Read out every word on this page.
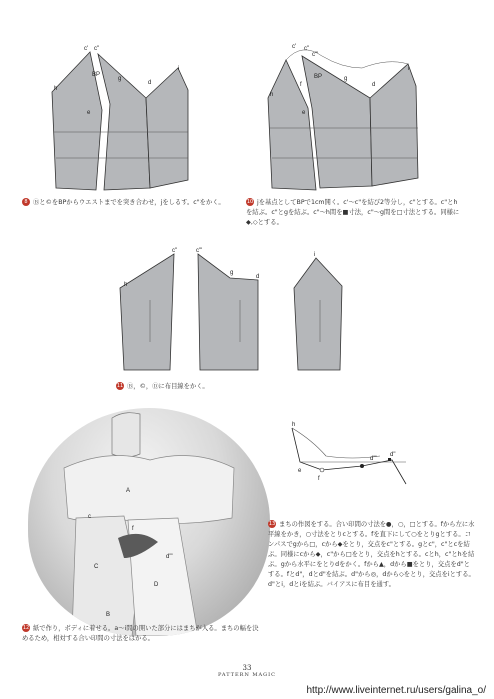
c' c"
h
BP
g
d
i
e
c' c"
c"'
h
f
BP
e
g
d
i
8 Ⓑと©をBPからウエストまでを突き合わせ，jをしるす。c"をかく。	10 jを基点としてBPで1cm開く。c'〜c"を結び2等分し，c"とする。c"とhを結ぶ。c"とgを結ぶ。c"〜h間を■寸法，c"〜g間を□寸法とする。同様に◆,◇とする。
c"
h
c"'
g
d
i
11 Ⓑ，©，Ⓓに布目線をかく。
A
c
f
d"'
C
D
B
h
d"'
d"
e
f
13 まちの作図をする。合い印間の寸法を●，○，□とする。fから左に水平線をかき，○寸法をとりcとする。fを直下にして○をとりgとする。コンパスでgから□，cから◆をとり，交点をc"とする。gとc"，c"とcを結ぶ。同様にcから◆，c"から□をとり，交点をhとする。cとh，c"とhを結ぶ。gから水平にをとりdをかく。fから▲，dから■をとり，交点をd"とする。fとd"，dとd"を結ぶ。d"から◎，dから◇をとり，交点をiとする。d"とi，dとiを結ぶ。バイアスに布目を通す。
12 紙で作り，ボディに着せる。a〜i間の開いた部分にはまちが入る。まちの幅を決めるため，相対する合い印間の寸法をはかる。
33
PATTERN MAGIC
http://www.liveinternet.ru/users/galina_o/
